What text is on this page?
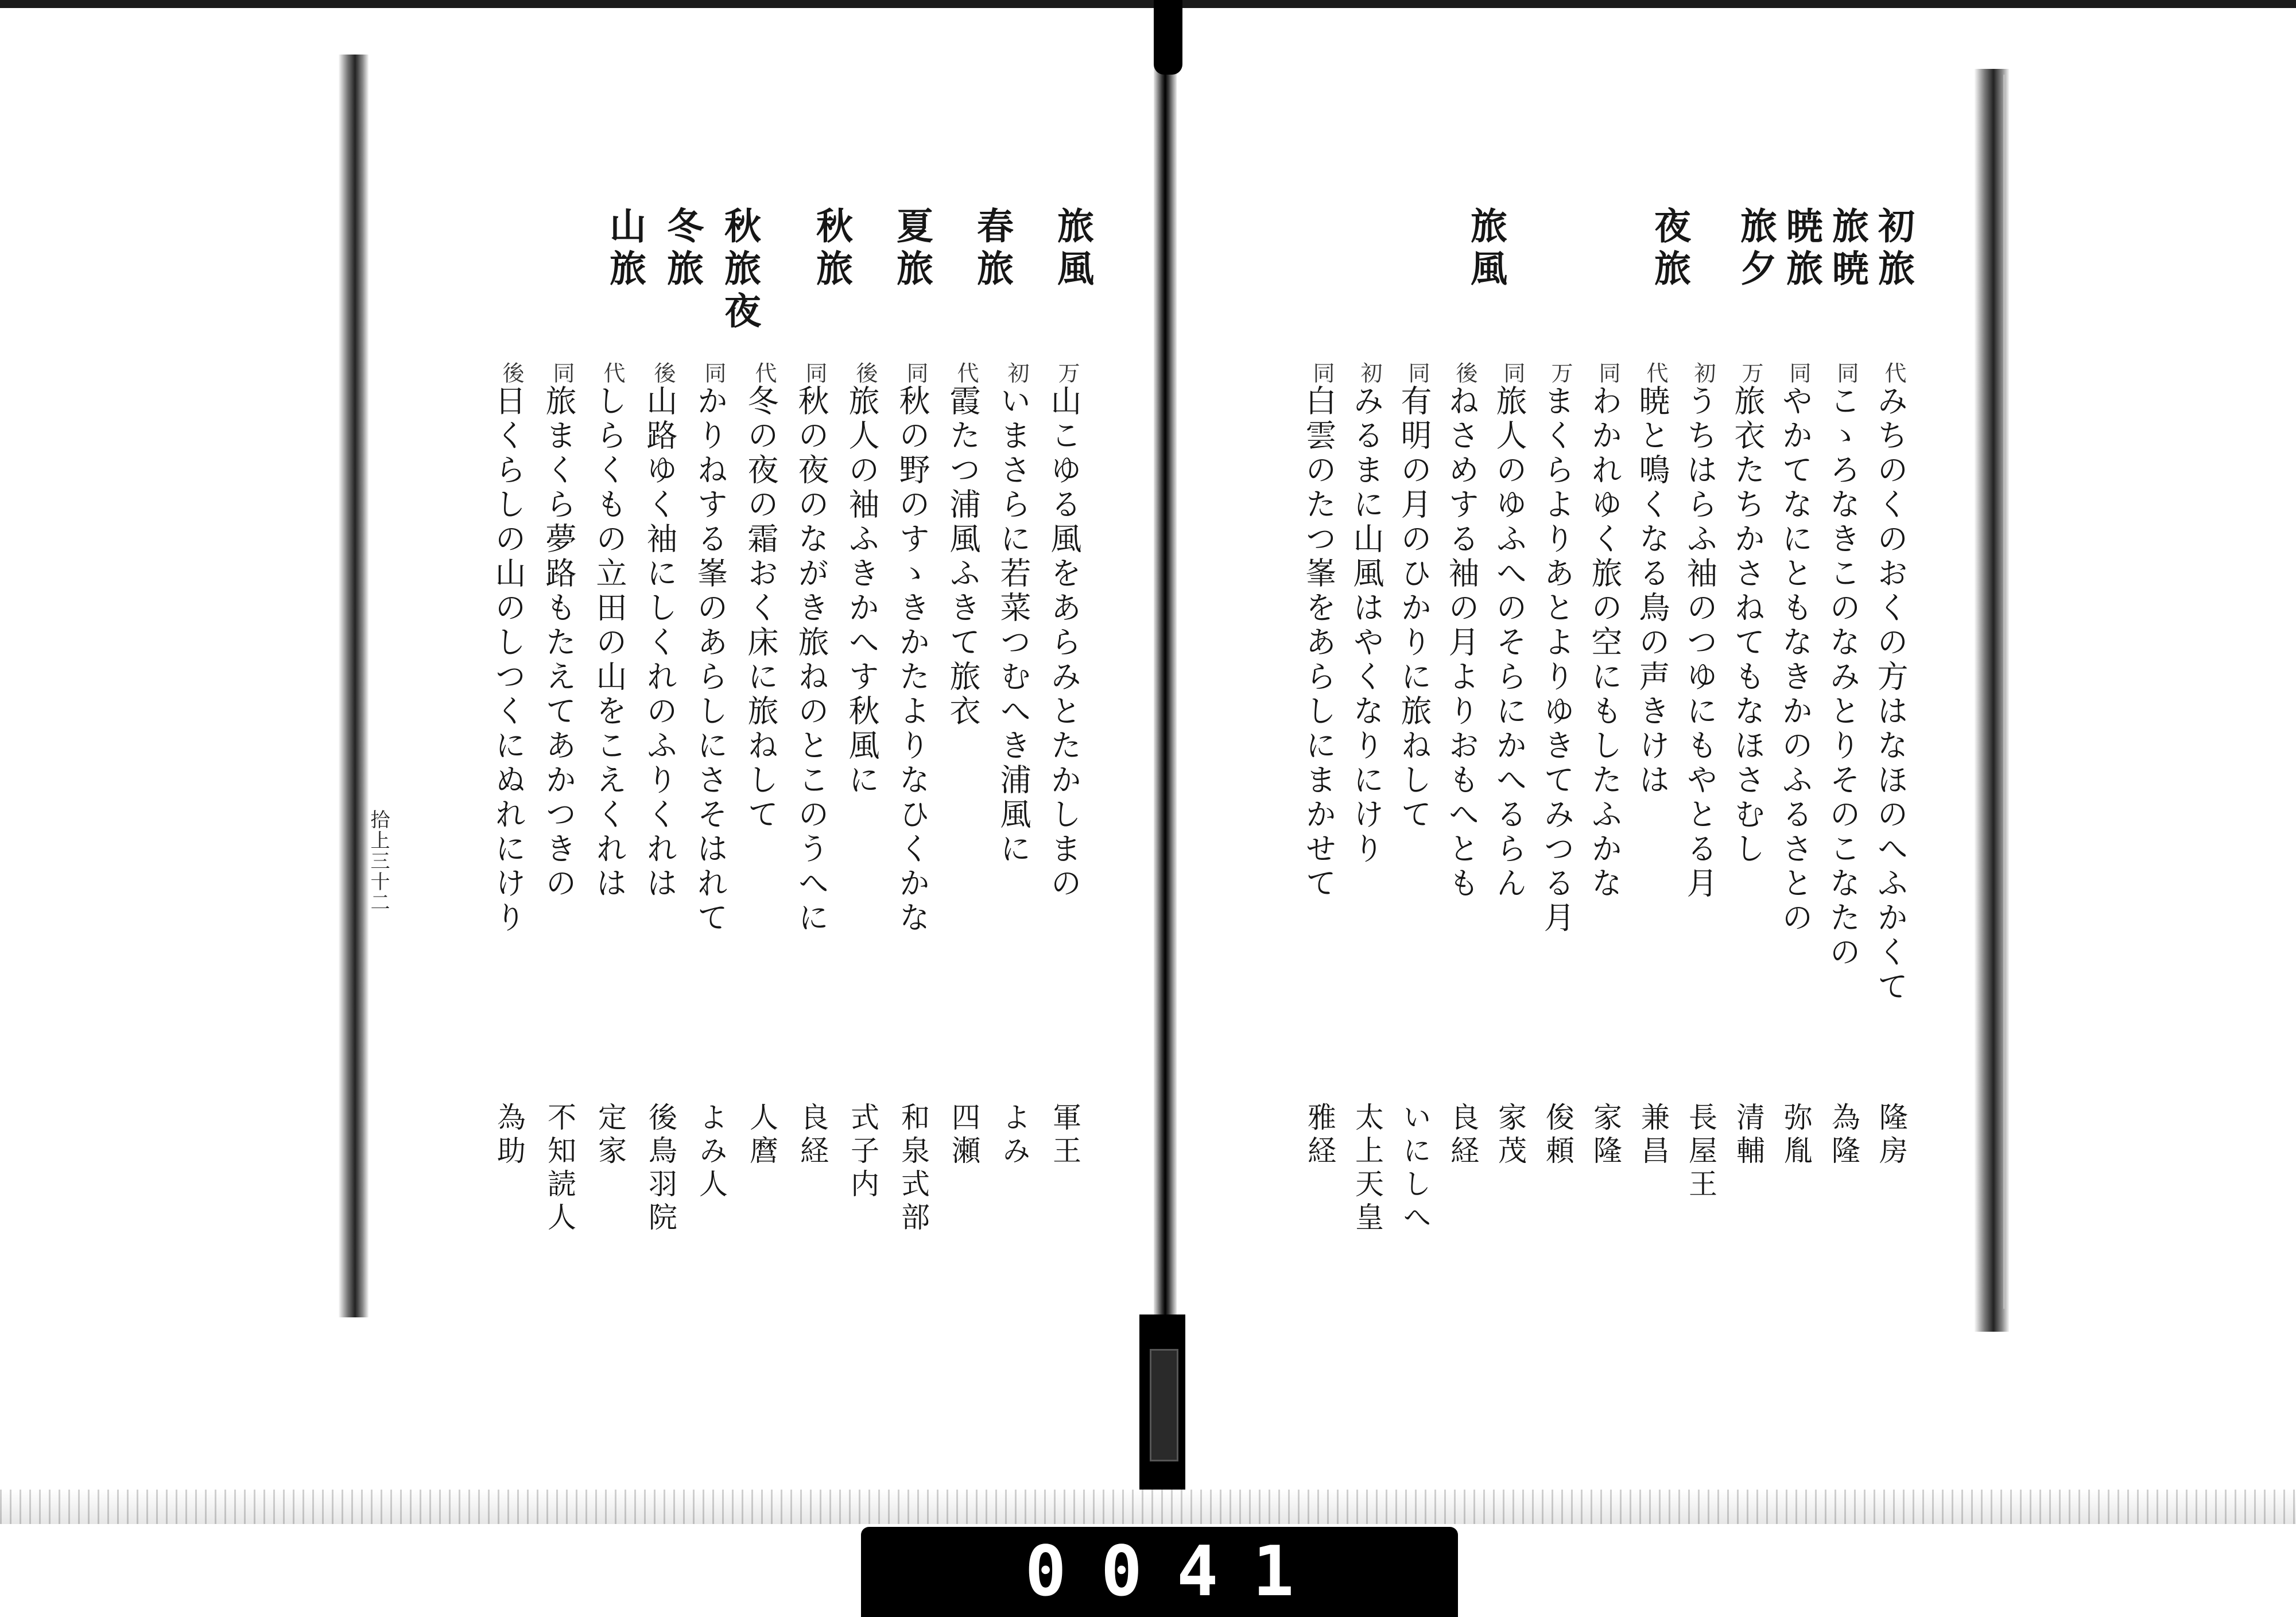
初旅
旅暁
暁旅
旅夕
夜旅
旅風
代
みちのくのおくの方はなほのへふかくて
隆房
同
こゝろなきこのなみとりそのこなたの
為隆
同
やかてなにともなきかのふるさとの
弥胤
万
旅衣たちかさねてもなほさむし
清輔
初
うちはらふ袖のつゆにもやとる月
長屋王
代
暁と鳴くなる鳥の声きけは
兼昌
同
わかれゆく旅の空にもしたふかな
家隆
万
まくらよりあとよりゆきてみつる月
俊頼
同
旅人のゆふへのそらにかへるらん
家茂
後
ねさめする袖の月よりおもへとも
良経
同
有明の月のひかりに旅ねして
いにしへ
初
みるまに山風はやくなりにけり
太上天皇
同
白雲のたつ峯をあらしにまかせて
雅経
旅風
春旅
夏旅
秋旅
秋旅夜
冬旅
山旅
万
山こゆる風をあらみとたかしまの
軍王
初
いまさらに若菜つむへき浦風に
よみ
代
霞たつ浦風ふきて旅衣
四瀬
同
秋の野のすゝきかたよりなひくかな
和泉式部
後
旅人の袖ふきかへす秋風に
式子内
同
秋の夜のながき旅ねのとこのうへに
良経
代
冬の夜の霜おく床に旅ねして
人麿
同
かりねする峯のあらしにさそはれて
よみ人
後
山路ゆく袖にしくれのふりくれは
後鳥羽院
代
しらくもの立田の山をこえくれは
定家
同
旅まくら夢路もたえてあかつきの
不知読人
後
日くらしの山のしつくにぬれにけり
為助
拾上三十二
0041
